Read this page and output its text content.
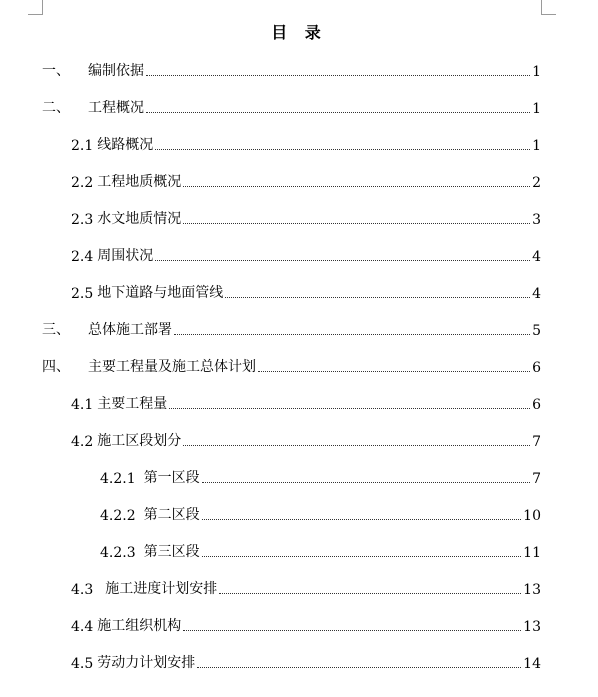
目 录
一、	编制依据	1
二、	工程概况	1
2.1 线路概况	1
2.2 工程地质概况	2
2.3 水文地质情况	3
2.4 周围状况	4
2.5 地下道路与地面管线	4
三、	总体施工部署	5
四、	主要工程量及施工总体计划	6
4.1 主要工程量	6
4.2 施工区段划分	7
4.2.1 第一区段	7
4.2.2 第二区段	10
4.2.3 第三区段	11
4.3 施工进度计划安排	13
4.4 施工组织机构	13
4.5 劳动力计划安排	14
